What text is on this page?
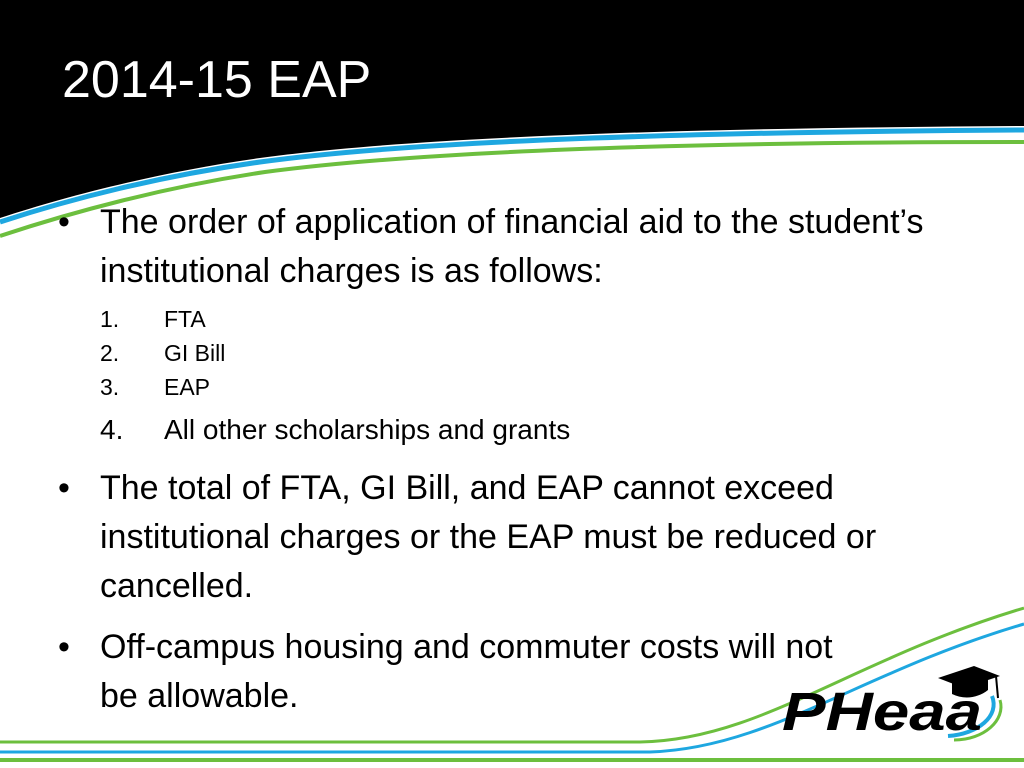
2014-15 EAP
• The order of application of financial aid to the student’s institutional charges is as follows:
1. FTA
2. GI Bill
3. EAP
4. All other scholarships and grants
• The total of FTA, GI Bill, and EAP cannot exceed institutional charges or the EAP must be reduced or cancelled.
• Off-campus housing and commuter costs will not be allowable.	PHeaa
